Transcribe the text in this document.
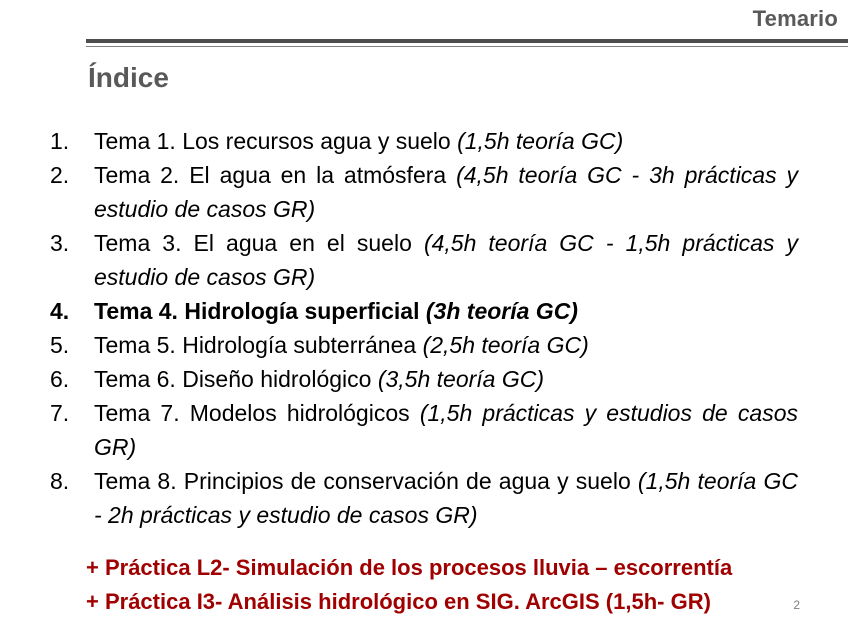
Temario
Índice
1.	Tema 1. Los recursos agua y suelo (1,5h teoría GC)
2.	Tema 2. El agua en la atmósfera (4,5h teoría GC - 3h prácticas y estudio de casos GR)
3.	Tema 3. El agua en el suelo (4,5h teoría GC - 1,5h prácticas y estudio de casos GR)
4.	Tema 4. Hidrología superficial (3h teoría GC)
5.	Tema 5. Hidrología subterránea (2,5h teoría GC)
6.	Tema 6. Diseño hidrológico (3,5h teoría GC)
7.	Tema 7. Modelos hidrológicos (1,5h prácticas y estudios de casos GR)
8.	Tema 8. Principios de conservación de agua y suelo (1,5h teoría GC - 2h prácticas y estudio de casos GR)
+ Práctica L2- Simulación de los procesos lluvia – escorrentía
+ Práctica I3- Análisis hidrológico en SIG. ArcGIS (1,5h- GR)	2
